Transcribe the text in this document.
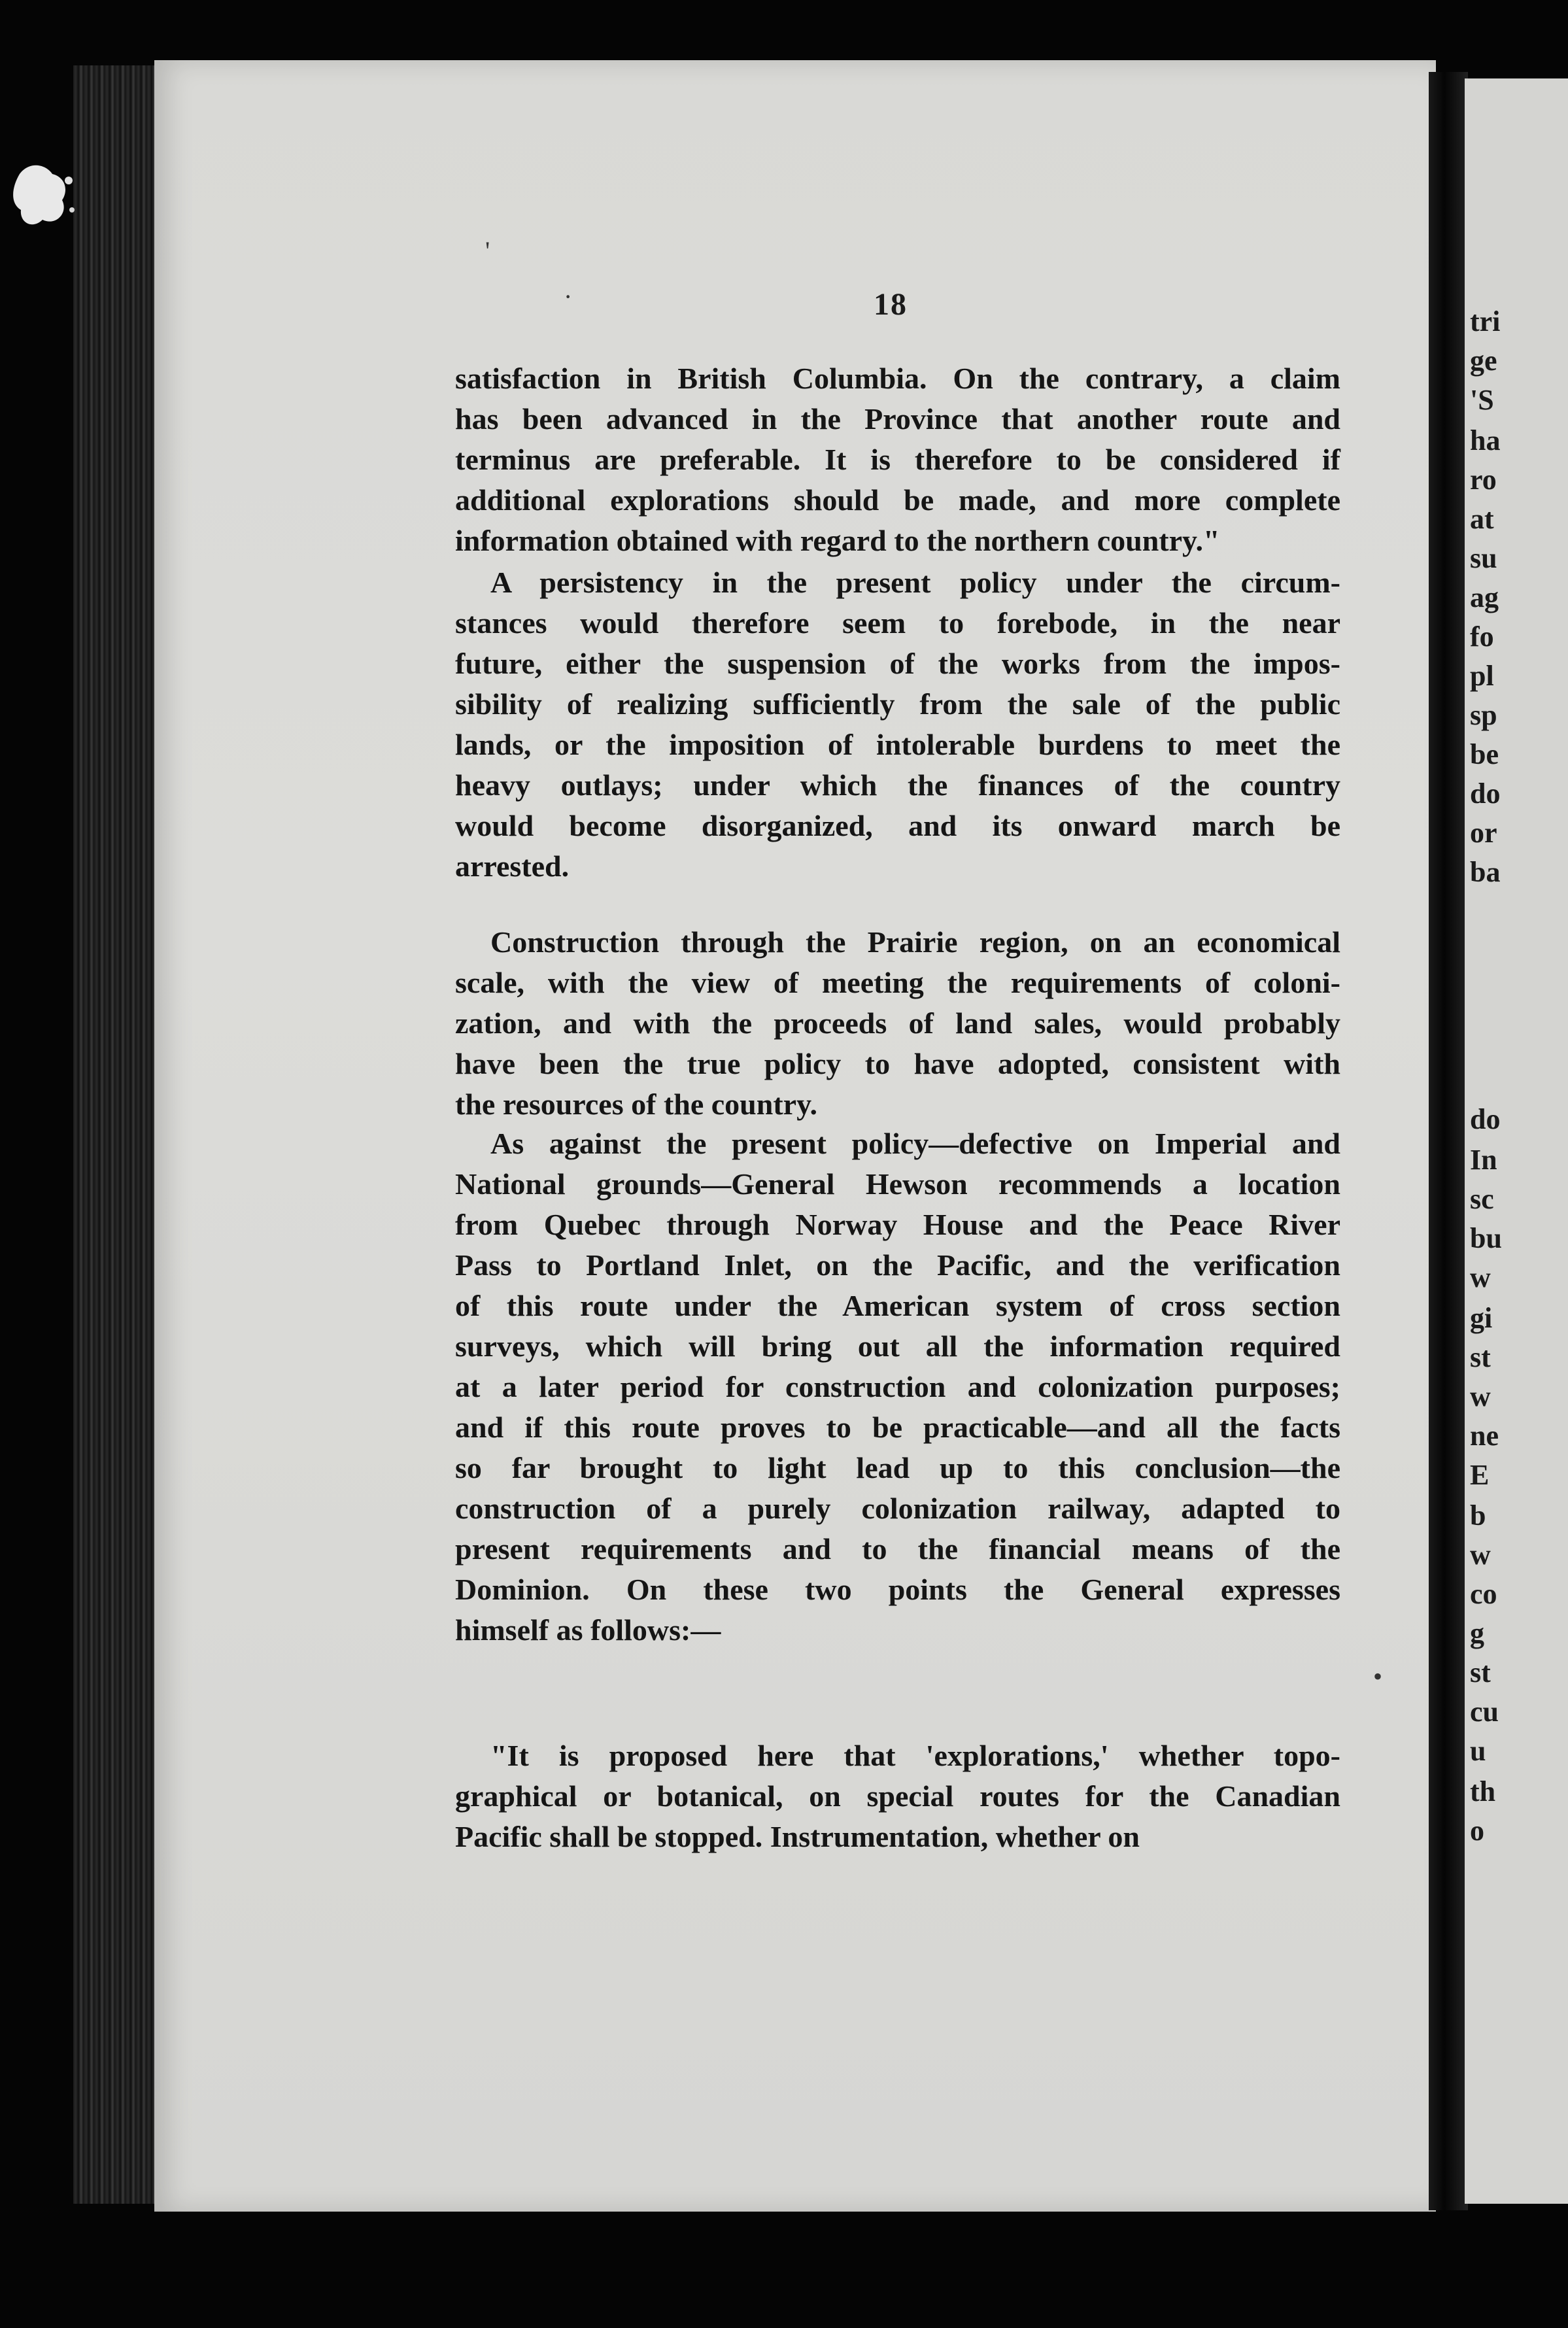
tri
ge
'S
ha
ro
at
su
ag
fo
pl
sp
be
do
or
ba
do
In
sc
bu
w
gi
st
w
ne
E
b
w
co
g
st
cu
u
th
o
'
·
•
18
satisfaction in British Columbia. On the contrary, a claim
has been advanced in the Province that another route and
terminus are preferable. It is therefore to be considered if
additional explorations should be made, and more complete
information obtained with regard to the northern country."
A persistency in the present policy under the circum-
stances would therefore seem to forebode, in the near
future, either the suspension of the works from the impos-
sibility of realizing sufficiently from the sale of the public
lands, or the imposition of intolerable burdens to meet the
heavy outlays; under which the finances of the country
would become disorganized, and its onward march be
arrested.
Construction through the Prairie region, on an economical
scale, with the view of meeting the requirements of coloni-
zation, and with the proceeds of land sales, would probably
have been the true policy to have adopted, consistent with
the resources of the country.
As against the present policy—defective on Imperial and
National grounds—General Hewson recommends a location
from Quebec through Norway House and the Peace River
Pass to Portland Inlet, on the Pacific, and the verification
of this route under the American system of cross section
surveys, which will bring out all the information required
at a later period for construction and colonization purposes;
and if this route proves to be practicable—and all the facts
so far brought to light lead up to this conclusion—the
construction of a purely colonization railway, adapted to
present requirements and to the financial means of the
Dominion. On these two points the General expresses
himself as follows:—
"It is proposed here that 'explorations,' whether topo-
graphical or botanical, on special routes for the Canadian
Pacific shall be stopped. Instrumentation, whether on
